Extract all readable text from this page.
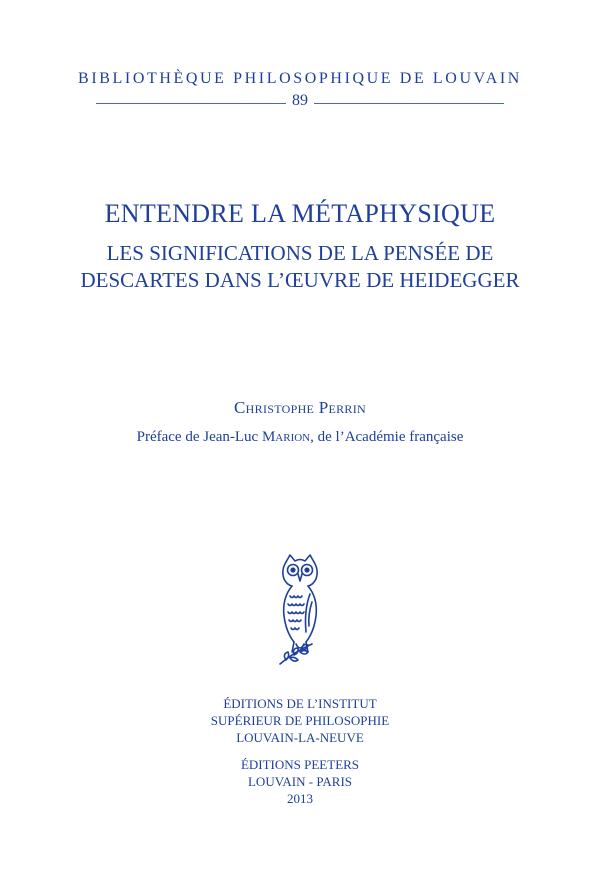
BIBLIOTHÈQUE PHILOSOPHIQUE DE LOUVAIN
89
ENTENDRE LA MÉTAPHYSIQUE
LES SIGNIFICATIONS DE LA PENSÉE DE
DESCARTES DANS L’ŒUVRE DE HEIDEGGER
Christophe Perrin
Préface de Jean-Luc Marion, de l’Académie française
ÉDITIONS DE L’INSTITUT
SUPÉRIEUR DE PHILOSOPHIE
LOUVAIN-LA-NEUVE
ÉDITIONS PEETERS
LOUVAIN - PARIS
2013
